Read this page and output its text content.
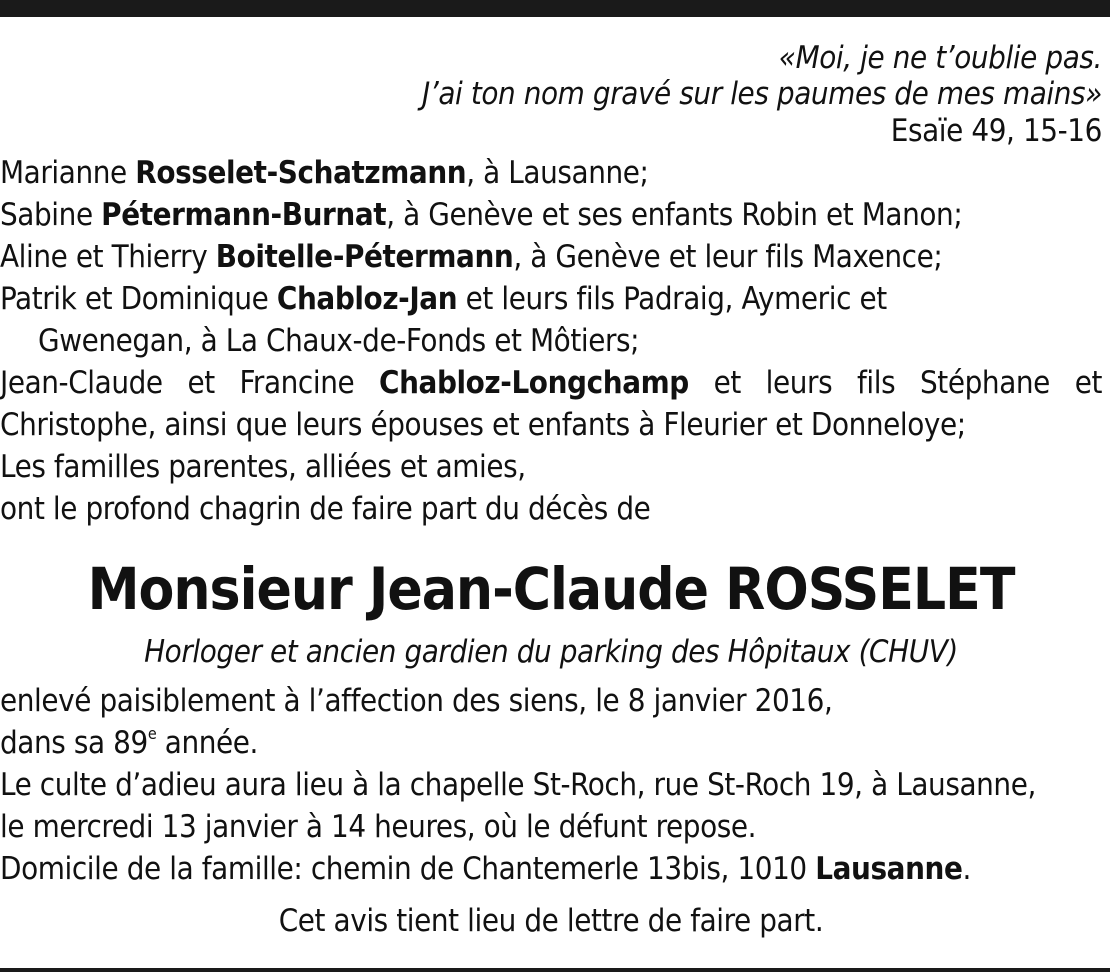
«Moi, je ne t’oublie pas.
J’ai ton nom gravé sur les paumes de mes mains»
Esaïe 49, 15-16
Marianne Rosselet-Schatzmann, à Lausanne;
Sabine Pétermann-Burnat, à Genève et ses enfants Robin et Manon;
Aline et Thierry Boitelle-Pétermann, à Genève et leur fils Maxence;
Patrik et Dominique Chabloz-Jan et leurs fils Padraig, Aymeric et
Gwenegan, à La Chaux-de-Fonds et Môtiers;
Jean-Claude et Francine Chabloz-Longchamp et leurs fils Stéphane et
Christophe, ainsi que leurs épouses et enfants à Fleurier et Donneloye;
Les familles parentes, alliées et amies,
ont le profond chagrin de faire part du décès de
Monsieur Jean-Claude ROSSELET
Horloger et ancien gardien du parking des Hôpitaux (CHUV)
enlevé paisiblement à l’affection des siens, le 8 janvier 2016,
dans sa 89e année.
Le culte d’adieu aura lieu à la chapelle St-Roch, rue St-Roch 19, à Lausanne,
le mercredi 13 janvier à 14 heures, où le défunt repose.
Domicile de la famille: chemin de Chantemerle 13bis, 1010 Lausanne.
Cet avis tient lieu de lettre de faire part.
